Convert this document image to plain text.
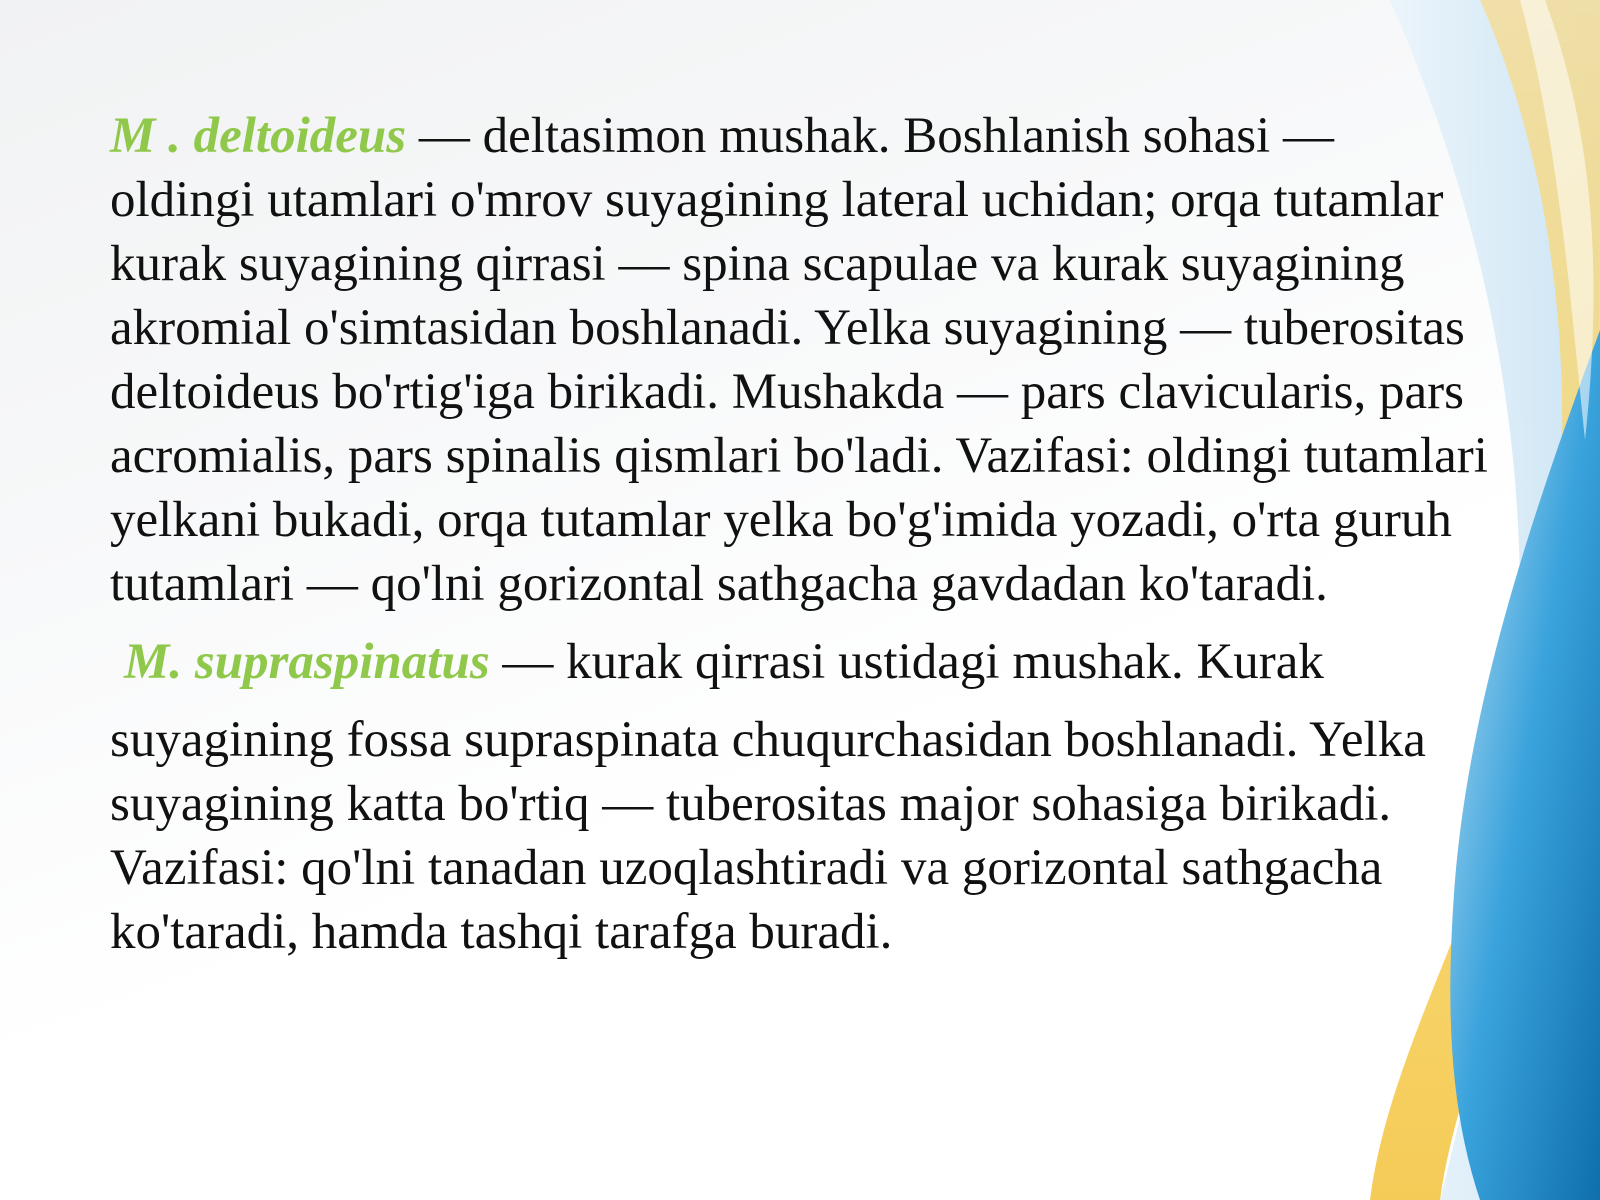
M . deltoideus — deltasimon mushak. Boshlanish sohasi — oldingi utamlari o'mrov suyagining lateral uchidan; orqa tutamlar kurak suyagining qirrasi — spina scapulae va kurak suyagining akromial o'simtasidan boshlanadi. Yelka suyagining — tuberositas deltoideus bo'rtig'iga birikadi. Mushakda — pars clavicularis, pars acromialis, pars spinalis qismlari bo'ladi. Vazifasi: oldingi tutamlari yelkani bukadi, orqa tutamlar yelka bo'g'imida yozadi, o'rta guruh tutamlari — qo'lni gorizontal sathgacha gavdadan ko'taradi.

M. supraspinatus — kurak qirrasi ustidagi mushak. Kurak
suyagining fossa supraspinata chuqurchasidan boshlanadi. Yelka suyagining katta bo'rtiq — tuberositas major sohasiga birikadi. Vazifasi: qo'lni tanadan uzoqlashtiradi va gorizontal sathgacha ko'taradi, hamda tashqi tarafga buradi.
